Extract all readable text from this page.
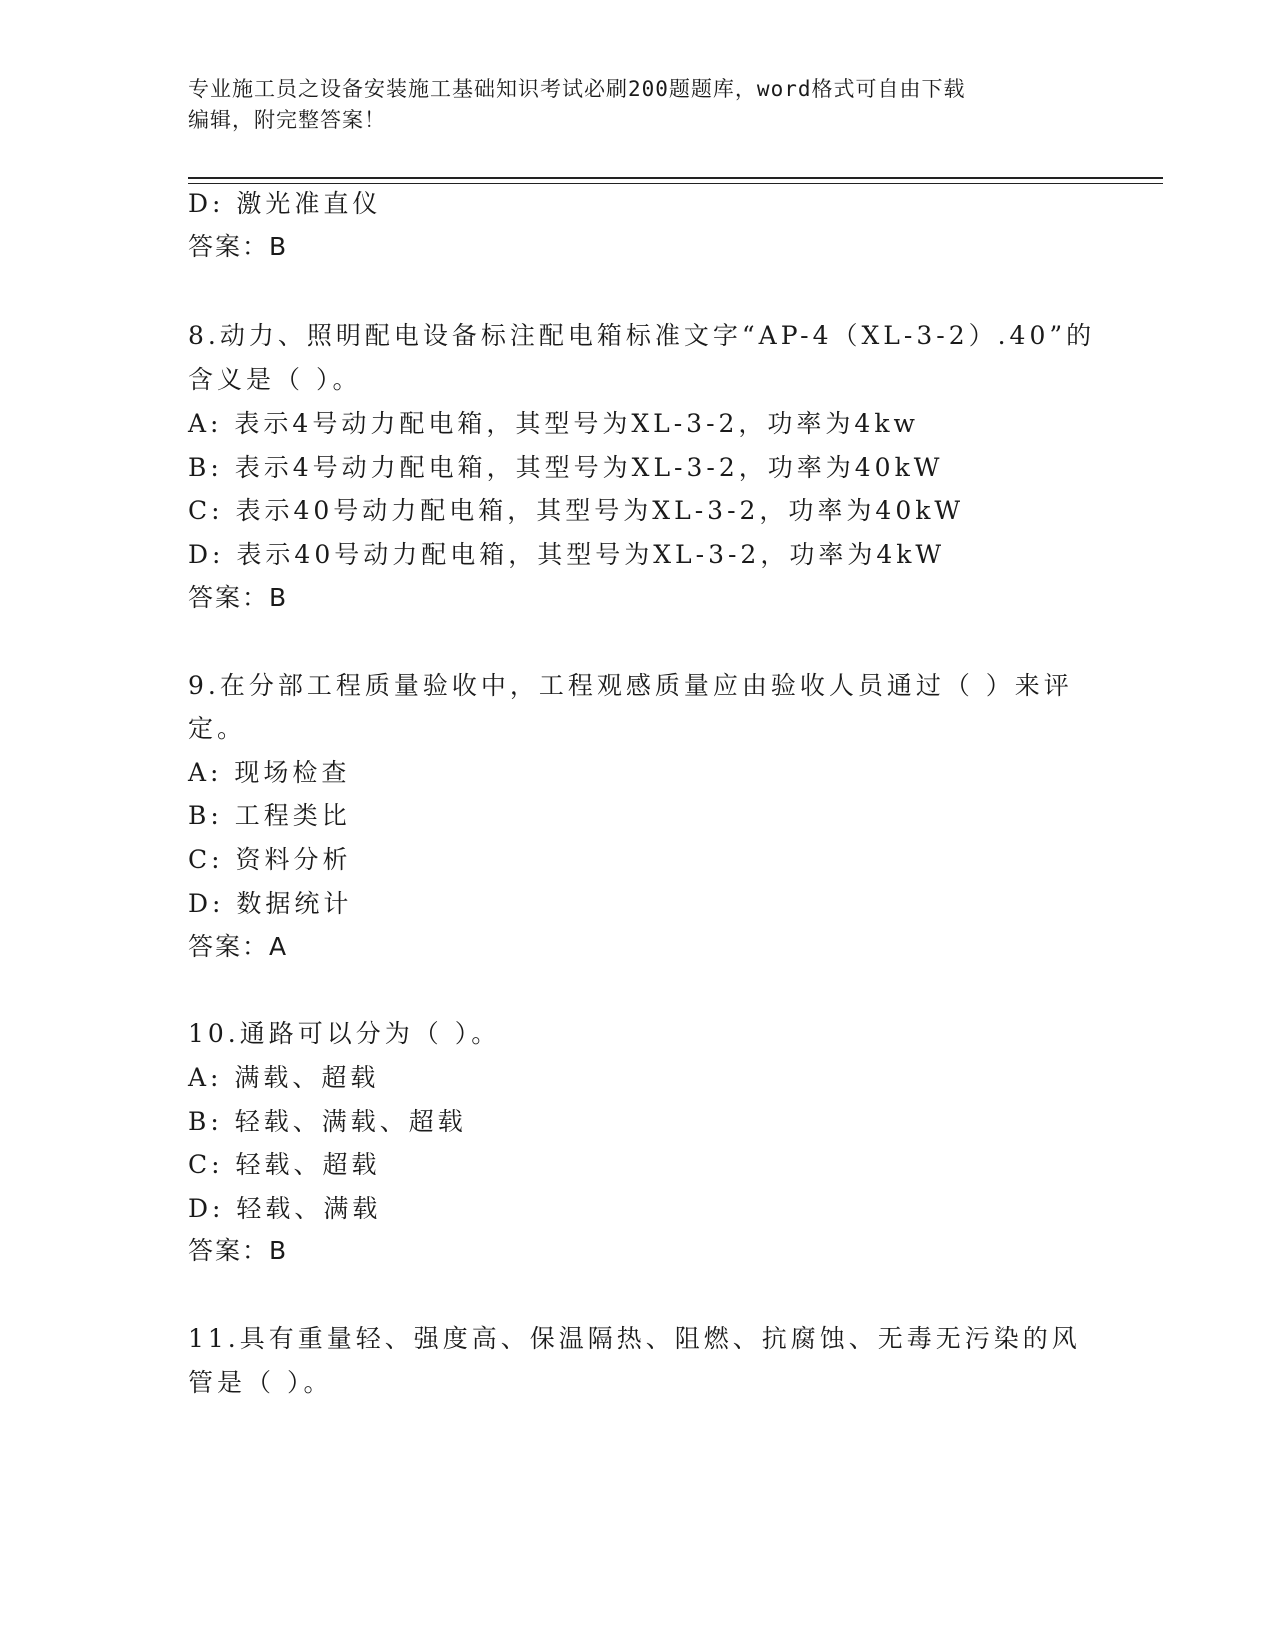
专业施工员之设备安装施工基础知识考试必刷200题题库，word格式可自由下载
编辑，附完整答案！
D: 激光准直仪
答案：B
8.动力、照明配电设备标注配电箱标准文字“AP-4（XL-3-2）.40”的
含义是（ ）。
A: 表示4号动力配电箱，其型号为XL-3-2，功率为4kw
B: 表示4号动力配电箱，其型号为XL-3-2，功率为40kW
C: 表示40号动力配电箱，其型号为XL-3-2，功率为40kW
D: 表示40号动力配电箱，其型号为XL-3-2，功率为4kW
答案：B
9.在分部工程质量验收中，工程观感质量应由验收人员通过（ ）来评
定。
A: 现场检查
B: 工程类比
C: 资料分析
D: 数据统计
答案：A
10.通路可以分为（ ）。
A: 满载、超载
B: 轻载、满载、超载
C: 轻载、超载
D: 轻载、满载
答案：B
11.具有重量轻、强度高、保温隔热、阻燃、抗腐蚀、无毒无污染的风
管是（ ）。
